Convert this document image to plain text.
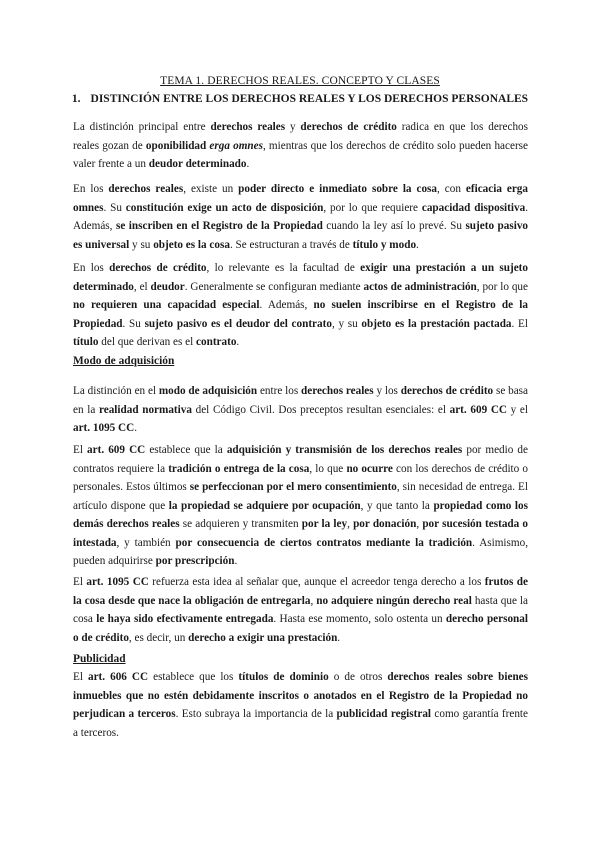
TEMA 1. DERECHOS REALES. CONCEPTO Y CLASES
1. DISTINCIÓN ENTRE LOS DERECHOS REALES Y LOS DERECHOS PERSONALES
La distinción principal entre derechos reales y derechos de crédito radica en que los derechos reales gozan de oponibilidad erga omnes, mientras que los derechos de crédito solo pueden hacerse valer frente a un deudor determinado.
En los derechos reales, existe un poder directo e inmediato sobre la cosa, con eficacia erga omnes. Su constitución exige un acto de disposición, por lo que requiere capacidad dispositiva. Además, se inscriben en el Registro de la Propiedad cuando la ley así lo prevé. Su sujeto pasivo es universal y su objeto es la cosa. Se estructuran a través de título y modo.
En los derechos de crédito, lo relevante es la facultad de exigir una prestación a un sujeto determinado, el deudor. Generalmente se configuran mediante actos de administración, por lo que no requieren una capacidad especial. Además, no suelen inscribirse en el Registro de la Propiedad. Su sujeto pasivo es el deudor del contrato, y su objeto es la prestación pactada. El título del que derivan es el contrato.
Modo de adquisición
La distinción en el modo de adquisición entre los derechos reales y los derechos de crédito se basa en la realidad normativa del Código Civil. Dos preceptos resultan esenciales: el art. 609 CC y el art. 1095 CC.
El art. 609 CC establece que la adquisición y transmisión de los derechos reales por medio de contratos requiere la tradición o entrega de la cosa, lo que no ocurre con los derechos de crédito o personales. Estos últimos se perfeccionan por el mero consentimiento, sin necesidad de entrega. El artículo dispone que la propiedad se adquiere por ocupación, y que tanto la propiedad como los demás derechos reales se adquieren y transmiten por la ley, por donación, por sucesión testada o intestada, y también por consecuencia de ciertos contratos mediante la tradición. Asimismo, pueden adquirirse por prescripción.
El art. 1095 CC refuerza esta idea al señalar que, aunque el acreedor tenga derecho a los frutos de la cosa desde que nace la obligación de entregarla, no adquiere ningún derecho real hasta que la cosa le haya sido efectivamente entregada. Hasta ese momento, solo ostenta un derecho personal o de crédito, es decir, un derecho a exigir una prestación.
Publicidad
El art. 606 CC establece que los títulos de dominio o de otros derechos reales sobre bienes inmuebles que no estén debidamente inscritos o anotados en el Registro de la Propiedad no perjudican a terceros. Esto subraya la importancia de la publicidad registral como garantía frente a terceros.
